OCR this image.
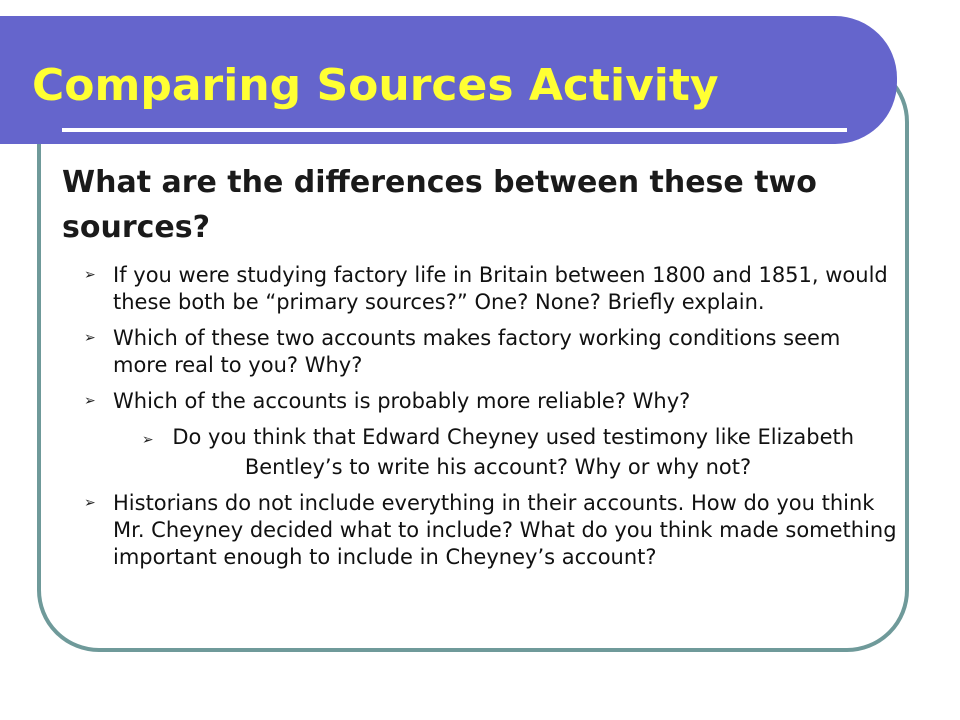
Comparing Sources Activity
What are the differences between these two sources?
➢ If you were studying factory life in Britain between 1800 and 1851, would these both be “primary sources?” One? None? Briefly explain.
➢ Which of these two accounts makes factory working conditions seem more real to you? Why?
➢ Which of the accounts is probably more reliable? Why?
➢ Do you think that Edward Cheyney used testimony like Elizabeth Bentley’s to write his account? Why or why not?
➢ Historians do not include everything in their accounts. How do you think Mr. Cheyney decided what to include? What do you think made something important enough to include in Cheyney’s account?
